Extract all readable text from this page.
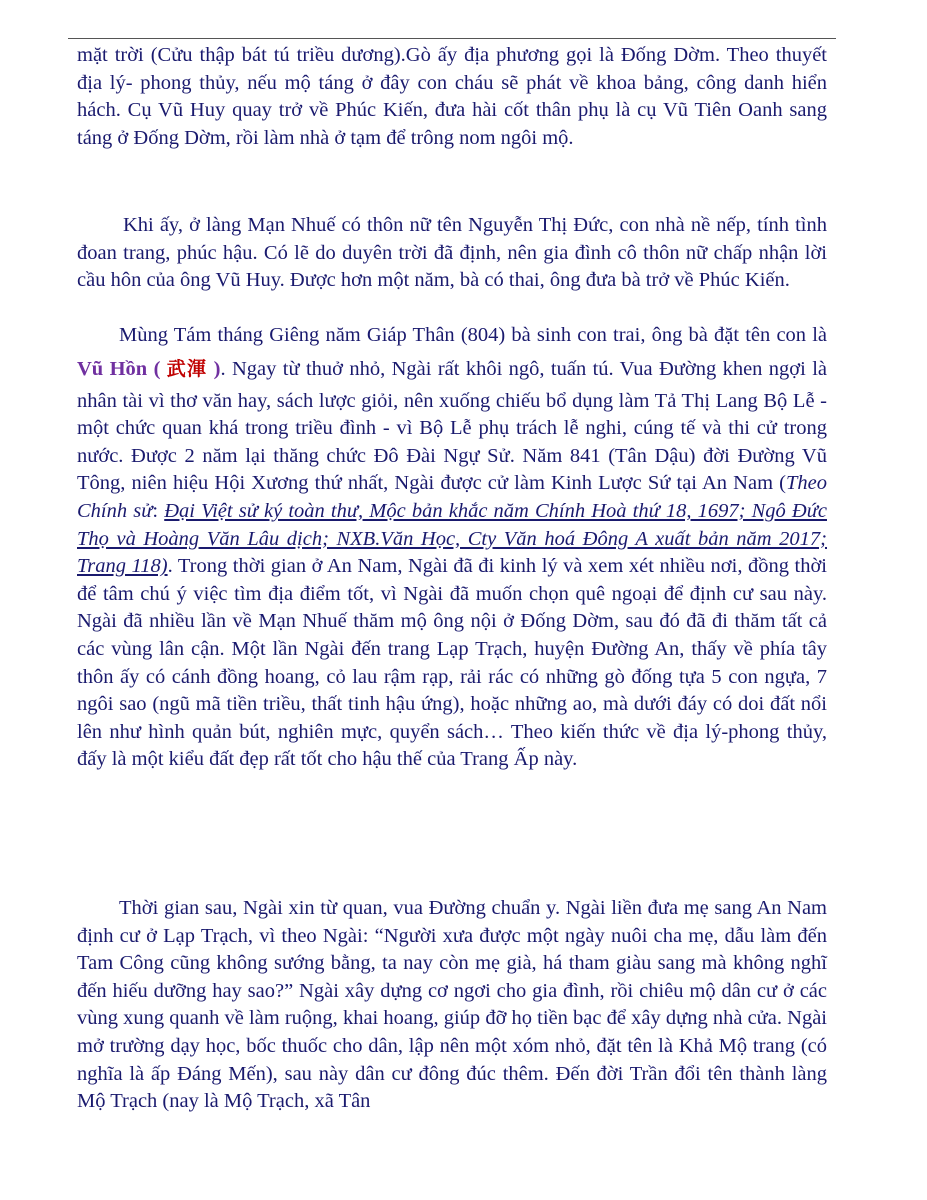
mặt trời (Cửu thập bát tú triều dương).Gò ấy địa phương gọi là Đống Dờm. Theo thuyết địa lý- phong thủy, nếu mộ táng ở đây con cháu sẽ phát về khoa bảng, công danh hiển hách. Cụ Vũ Huy quay trở về Phúc Kiến, đưa hài cốt thân phụ là cụ Vũ Tiên Oanh sang táng ở Đống Dờm, rồi làm nhà ở tạm để trông nom ngôi mộ.

Khi ấy, ở làng Mạn Nhuế có thôn nữ tên Nguyễn Thị Đức, con nhà nề nếp, tính tình đoan trang, phúc hậu. Có lẽ do duyên trời đã định, nên gia đình cô thôn nữ chấp nhận lời cầu hôn của ông Vũ Huy. Được hơn một năm, bà có thai, ông đưa bà trở về Phúc Kiến.

Mùng Tám tháng Giêng năm Giáp Thân (804) bà sinh con trai, ông bà đặt tên con là Vũ Hồn ( 武渾 ). Ngay từ thuở nhỏ, Ngài rất khôi ngô, tuấn tú. Vua Đường khen ngợi là nhân tài vì thơ văn hay, sách lược giỏi, nên xuống chiếu bổ dụng làm Tả Thị Lang Bộ Lễ - một chức quan khá trong triều đình - vì Bộ Lễ phụ trách lễ nghi, cúng tế và thi cử trong nước. Được 2 năm lại thăng chức Đô Đài Ngự Sử. Năm 841 (Tân Dậu) đời Đường Vũ Tông, niên hiệu Hội Xương thứ nhất, Ngài được cử làm Kinh Lược Sứ tại An Nam (Theo Chính sử: Đại Việt sử ký toàn thư, Mộc bản khắc năm Chính Hoà thứ 18, 1697; Ngô Đức Thọ và Hoàng Văn Lâu dịch; NXB.Văn Học, Cty Văn hoá Đông A xuất bản năm 2017; Trang 118). Trong thời gian ở An Nam, Ngài đã đi kinh lý và xem xét nhiều nơi, đồng thời để tâm chú ý việc tìm địa điểm tốt, vì Ngài đã muốn chọn quê ngoại để định cư sau này. Ngài đã nhiều lần về Mạn Nhuế thăm mộ ông nội ở Đống Dờm, sau đó đã đi thăm tất cả các vùng lân cận. Một lần Ngài đến trang Lạp Trạch, huyện Đường An, thấy về phía tây thôn ấy có cánh đồng hoang, cỏ lau rậm rạp, rải rác có những gò đống tựa 5 con ngựa, 7 ngôi sao (ngũ mã tiền triều, thất tinh hậu ứng), hoặc những ao, mà dưới đáy có doi đất nổi lên như hình quản bút, nghiên mực, quyển sách… Theo kiến thức về địa lý-phong thủy, đấy là một kiểu đất đẹp rất tốt cho hậu thế của Trang Ấp này.

Thời gian sau, Ngài xin từ quan, vua Đường chuẩn y. Ngài liền đưa mẹ sang An Nam định cư ở Lạp Trạch, vì theo Ngài: “Người xưa được một ngày nuôi cha mẹ, dẫu làm đến Tam Công cũng không sướng bằng, ta nay còn mẹ già, há tham giàu sang mà không nghĩ đến hiếu dưỡng hay sao?” Ngài xây dựng cơ ngơi cho gia đình, rồi chiêu mộ dân cư ở các vùng xung quanh về làm ruộng, khai hoang, giúp đỡ họ tiền bạc để xây dựng nhà cửa. Ngài mở trường dạy học, bốc thuốc cho dân, lập nên một xóm nhỏ, đặt tên là Khả Mộ trang (có nghĩa là ấp Đáng Mến), sau này dân cư đông đúc thêm. Đến đời Trần đổi tên thành làng Mộ Trạch (nay là Mộ Trạch, xã Tân
